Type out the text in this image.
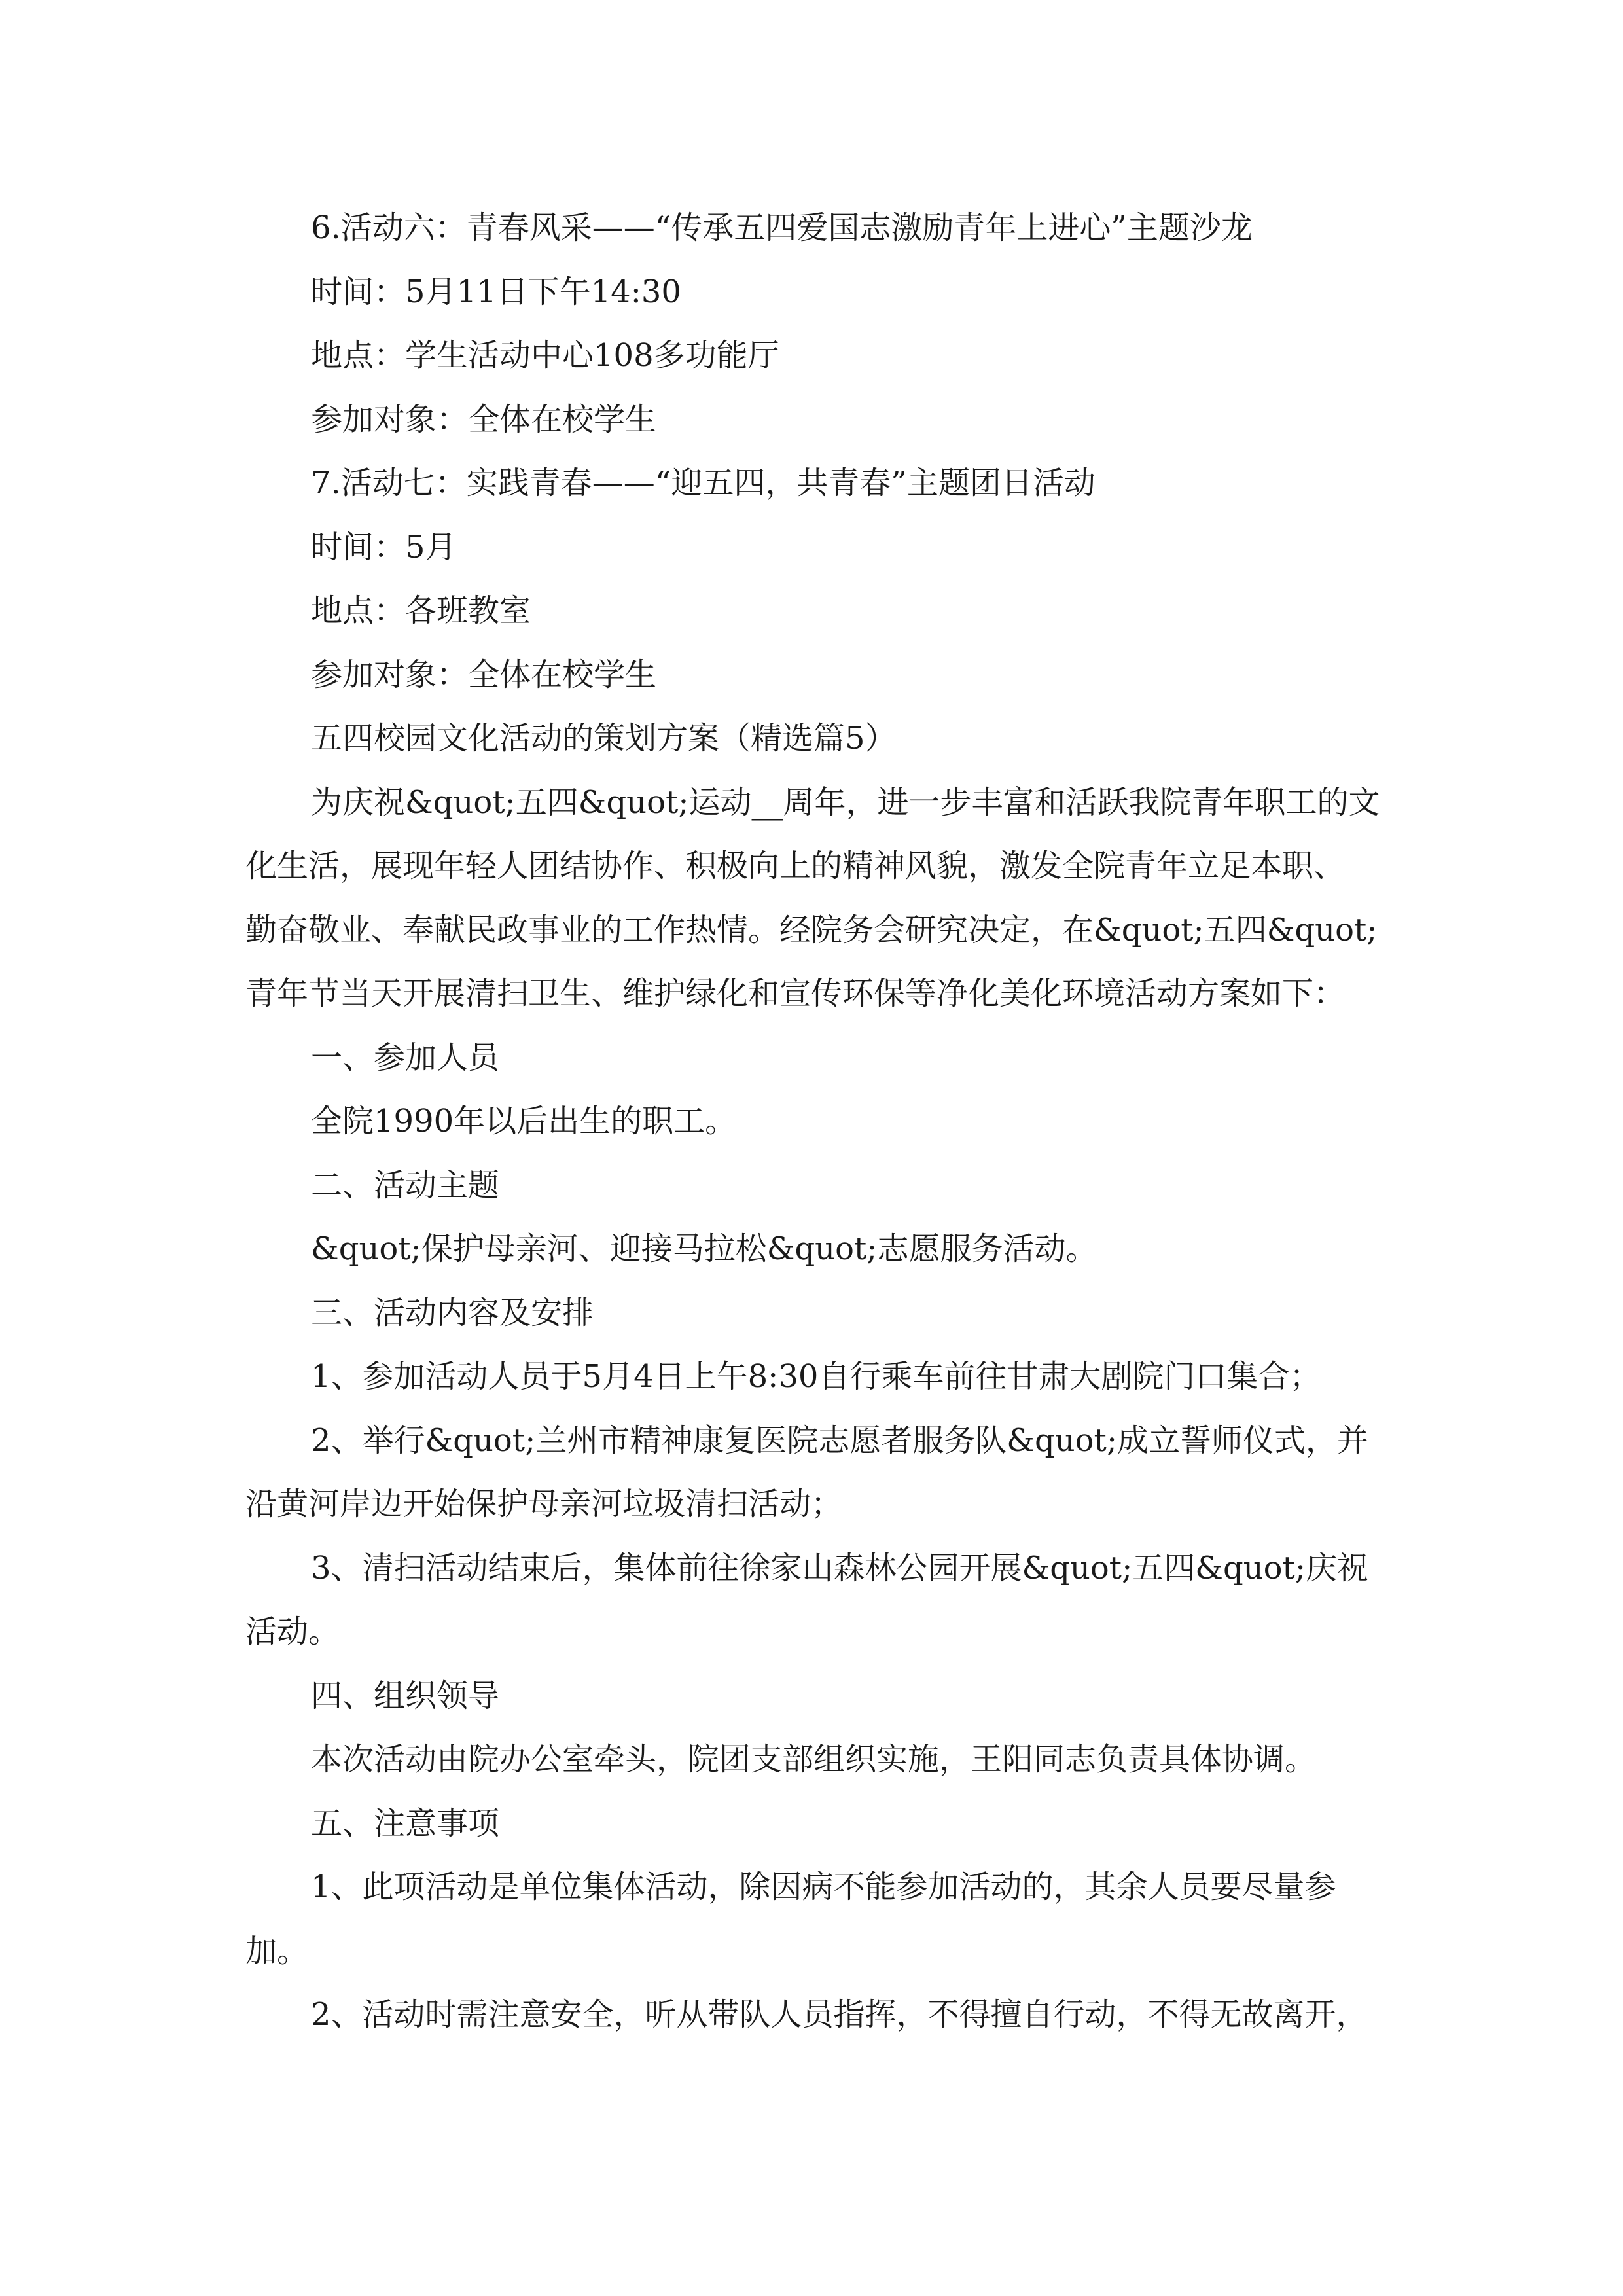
6.活动六：青春风采——“传承五四爱国志激励青年上进心”主题沙龙
时间：5月11日下午14:30
地点：学生活动中心108多功能厅
参加对象：全体在校学生
7.活动七：实践青春——“迎五四，共青春”主题团日活动
时间：5月
地点：各班教室
参加对象：全体在校学生
五四校园文化活动的策划方案（精选篇5）
为庆祝&quot;五四&quot;运动__周年，进一步丰富和活跃我院青年职工的文
化生活，展现年轻人团结协作、积极向上的精神风貌，激发全院青年立足本职、
勤奋敬业、奉献民政事业的工作热情。经院务会研究决定，在&quot;五四&quot;
青年节当天开展清扫卫生、维护绿化和宣传环保等净化美化环境活动方案如下：
一、参加人员
全院1990年以后出生的职工。
二、活动主题
&quot;保护母亲河、迎接马拉松&quot;志愿服务活动。
三、活动内容及安排
1、参加活动人员于5月4日上午8:30自行乘车前往甘肃大剧院门口集合；
2、举行&quot;兰州市精神康复医院志愿者服务队&quot;成立誓师仪式，并
沿黄河岸边开始保护母亲河垃圾清扫活动；
3、清扫活动结束后，集体前往徐家山森林公园开展&quot;五四&quot;庆祝
活动。
四、组织领导
本次活动由院办公室牵头，院团支部组织实施，王阳同志负责具体协调。
五、注意事项
1、此项活动是单位集体活动，除因病不能参加活动的，其余人员要尽量参
加。
2、活动时需注意安全，听从带队人员指挥，不得擅自行动，不得无故离开，
